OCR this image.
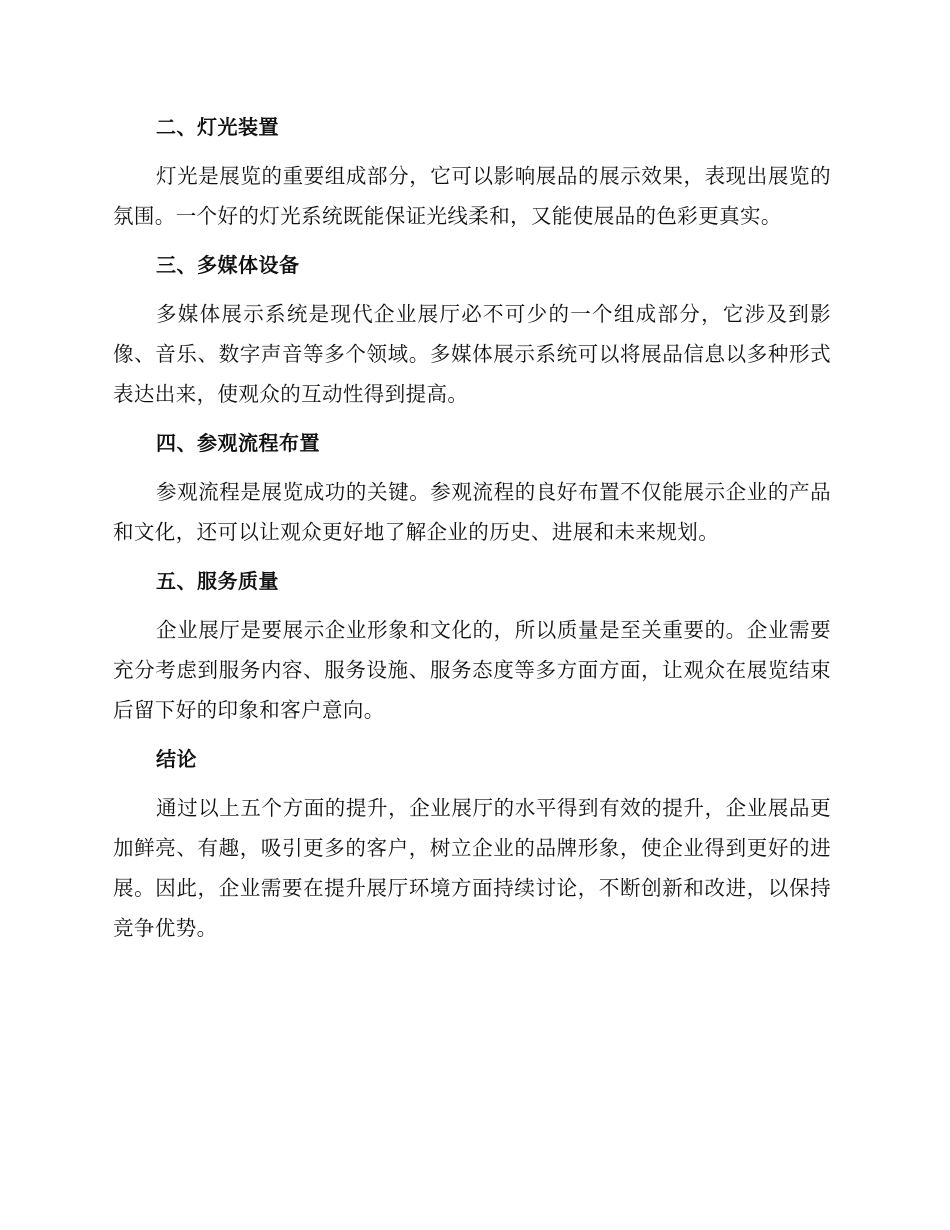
二、灯光装置

灯光是展览的重要组成部分，它可以影响展品的展示效果，表现出展览的氛围。一个好的灯光系统既能保证光线柔和，又能使展品的色彩更真实。

三、多媒体设备

多媒体展示系统是现代企业展厅必不可少的一个组成部分，它涉及到影像、音乐、数字声音等多个领域。多媒体展示系统可以将展品信息以多种形式表达出来，使观众的互动性得到提高。

四、参观流程布置

参观流程是展览成功的关键。参观流程的良好布置不仅能展示企业的产品和文化，还可以让观众更好地了解企业的历史、进展和未来规划。

五、服务质量

企业展厅是要展示企业形象和文化的，所以质量是至关重要的。企业需要充分考虑到服务内容、服务设施、服务态度等多方面方面，让观众在展览结束后留下好的印象和客户意向。

结论

通过以上五个方面的提升，企业展厅的水平得到有效的提升，企业展品更加鲜亮、有趣，吸引更多的客户，树立企业的品牌形象，使企业得到更好的进展。因此，企业需要在提升展厅环境方面持续讨论，不断创新和改进，以保持竞争优势。
